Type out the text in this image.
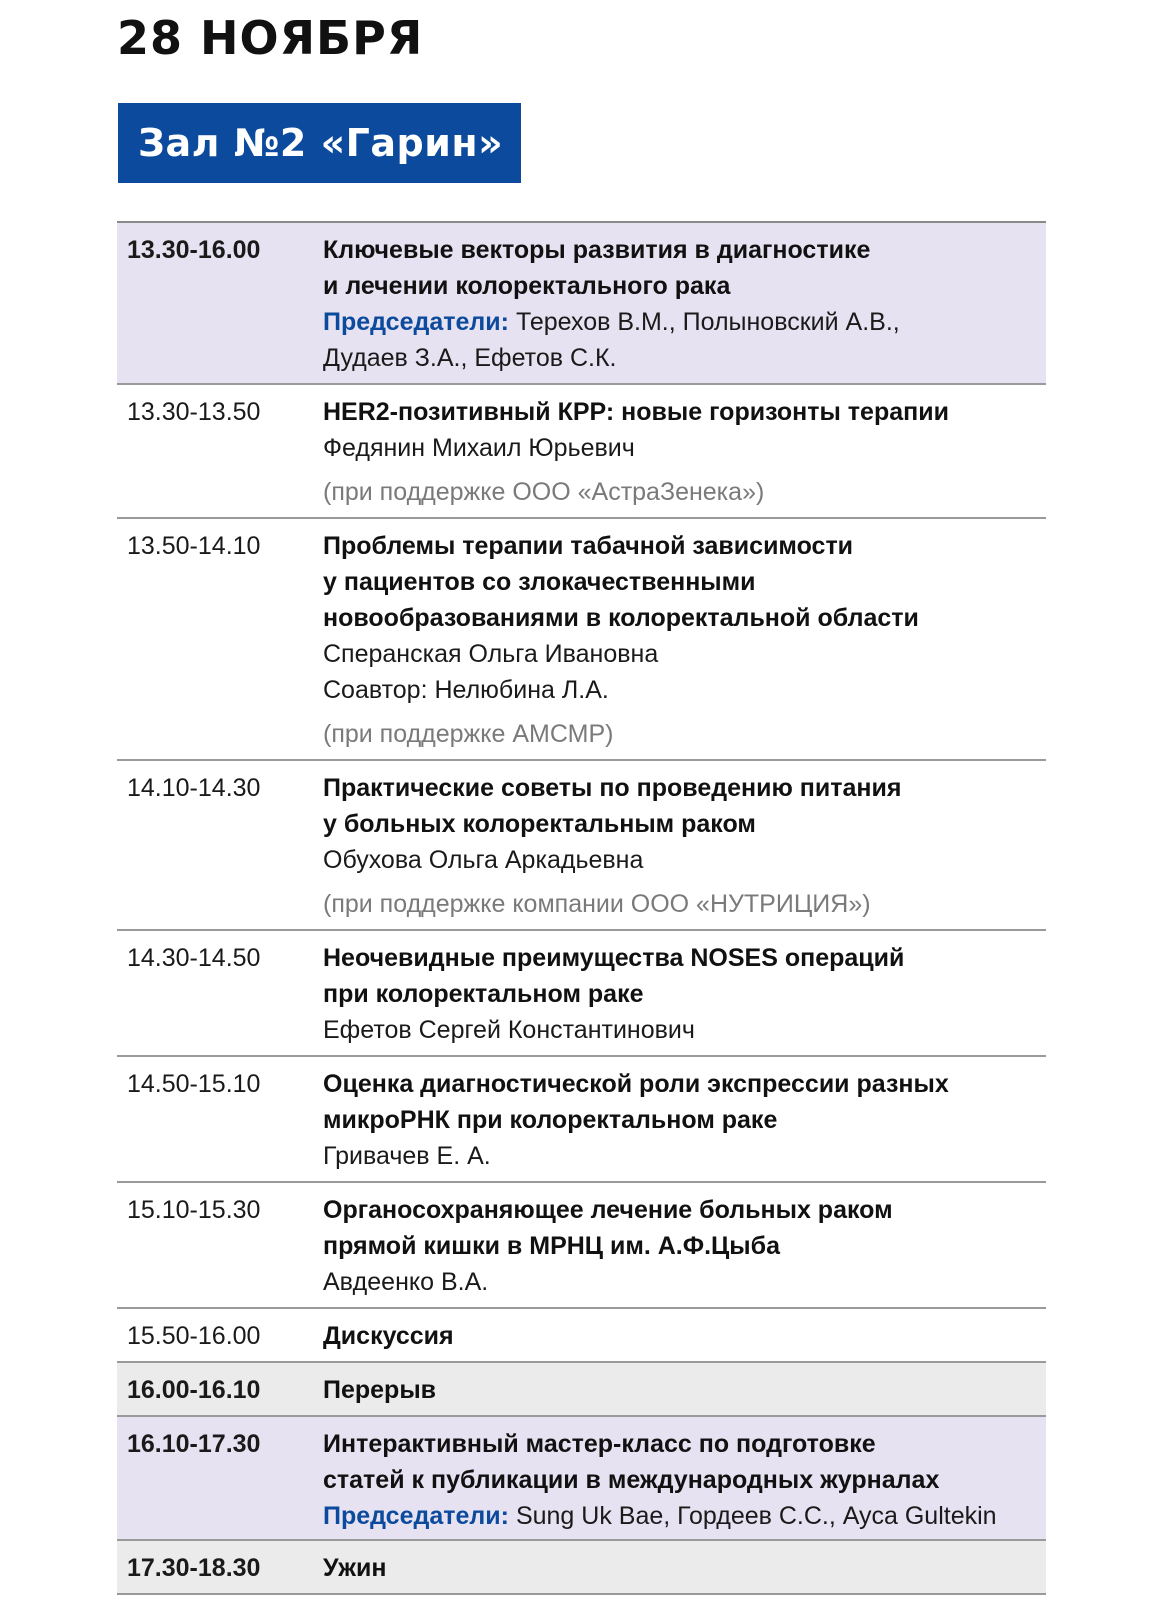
28 НОЯБРЯ
Зал №2 «Гарин»
13.30-16.00	Ключевые векторы развития в диагностике
и лечении колоректального рака
Председатели: Терехов В.М., Полыновский А.В.,
Дудаев З.А., Ефетов С.К.
13.30-13.50	HER2-позитивный КРР: новые горизонты терапии
Федянин Михаил Юрьевич
(при поддержке ООО «АстраЗенека»)
13.50-14.10	Проблемы терапии табачной зависимости
у пациентов со злокачественными
новообразованиями в колоректальной области
Сперанская Ольга Ивановна
Соавтор: Нелюбина Л.А.
(при поддержке АМСМР)
14.10-14.30	Практические советы по проведению питания
у больных колоректальным раком
Обухова Ольга Аркадьевна
(при поддержке компании ООО «НУТРИЦИЯ»)
14.30-14.50	Неочевидные преимущества NOSES операций
при колоректальном раке
Ефетов Сергей Константинович
14.50-15.10	Оценка диагностической роли экспрессии разных
микроРНК при колоректальном раке
Гривачев Е. А.
15.10-15.30	Органосохраняющее лечение больных раком
прямой кишки в МРНЦ им. А.Ф.Цыба
Авдеенко В.А.
15.50-16.00	Дискуссия
16.00-16.10	Перерыв
16.10-17.30	Интерактивный мастер-класс по подготовке
статей к публикации в международных журналах
Председатели: Sung Uk Bae, Гордеев С.С., Ayca Gultekin
17.30-18.30	Ужин
